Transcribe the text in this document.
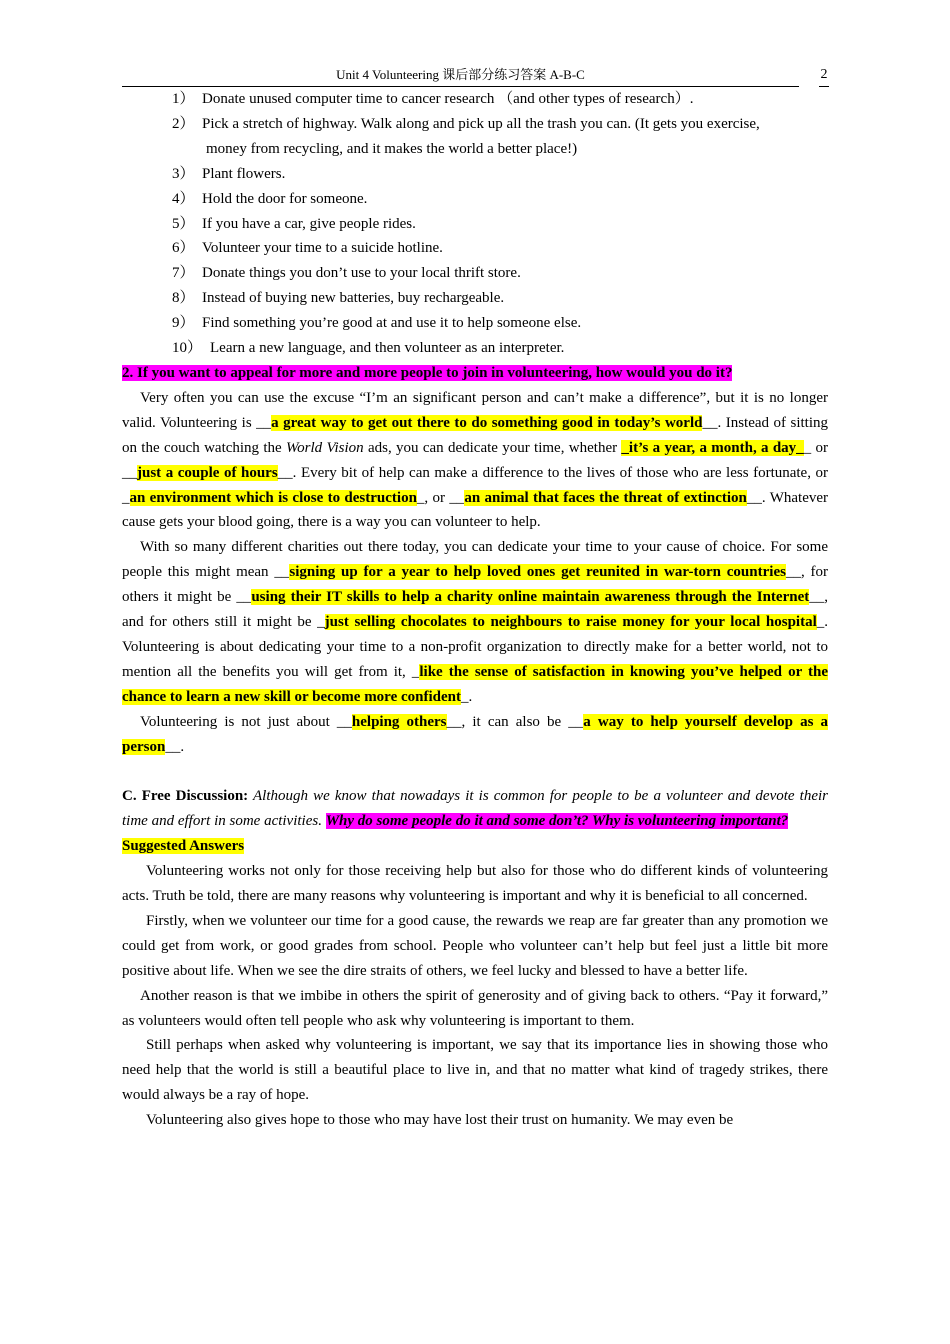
Unit 4 Volunteering 课后部分练习答案 A-B-C	2
1） Donate unused computer time to cancer research （and other types of research）.
2） Pick a stretch of highway. Walk along and pick up all the trash you can. (It gets you exercise,
money from recycling, and it makes the world a better place!)
3） Plant flowers.
4） Hold the door for someone.
5） If you have a car, give people rides.
6） Volunteer your time to a suicide hotline.
7） Donate things you don’t use to your local thrift store.
8） Instead of buying new batteries, buy rechargeable.
9） Find something you’re good at and use it to help someone else.
10） Learn a new language, and then volunteer as an interpreter.

2. If you want to appeal for more and more people to join in volunteering, how would you do it?

Very often you can use the excuse “I’m an significant person and can’t make a difference”, but it is no longer valid. Volunteering is __a great way to get out there to do something good in today’s world__. Instead of sitting on the couch watching the World Vision ads, you can dedicate your time, whether _it’s a year, a month, a day__ or __just a couple of hours__. Every bit of help can make a difference to the lives of those who are less fortunate, or _an environment which is close to destruction_, or __an animal that faces the threat of extinction__. Whatever cause gets your blood going, there is a way you can volunteer to help.

With so many different charities out there today, you can dedicate your time to your cause of choice. For some people this might mean __signing up for a year to help loved ones get reunited in war-torn countries__, for others it might be __using their IT skills to help a charity online maintain awareness through the Internet__, and for others still it might be _just selling chocolates to neighbours to raise money for your local hospital_. Volunteering is about dedicating your time to a non-profit organization to directly make for a better world, not to mention all the benefits you will get from it, _like the sense of satisfaction in knowing you’ve helped or the chance to learn a new skill or become more confident_.

Volunteering is not just about __helping others__, it can also be __a way to help yourself develop as a person__.

C. Free Discussion: Although we know that nowadays it is common for people to be a volunteer and devote their time and effort in some activities. Why do some people do it and some don’t? Why is volunteering important?

Suggested Answers

Volunteering works not only for those receiving help but also for those who do different kinds of volunteering acts. Truth be told, there are many reasons why volunteering is important and why it is beneficial to all concerned.

Firstly, when we volunteer our time for a good cause, the rewards we reap are far greater than any promotion we could get from work, or good grades from school. People who volunteer can’t help but feel just a little bit more positive about life. When we see the dire straits of others, we feel lucky and blessed to have a better life.

Another reason is that we imbibe in others the spirit of generosity and of giving back to others. “Pay it forward,” as volunteers would often tell people who ask why volunteering is important to them.

Still perhaps when asked why volunteering is important, we say that its importance lies in showing those who need help that the world is still a beautiful place to live in, and that no matter what kind of tragedy strikes, there would always be a ray of hope.

Volunteering also gives hope to those who may have lost their trust on humanity. We may even be
